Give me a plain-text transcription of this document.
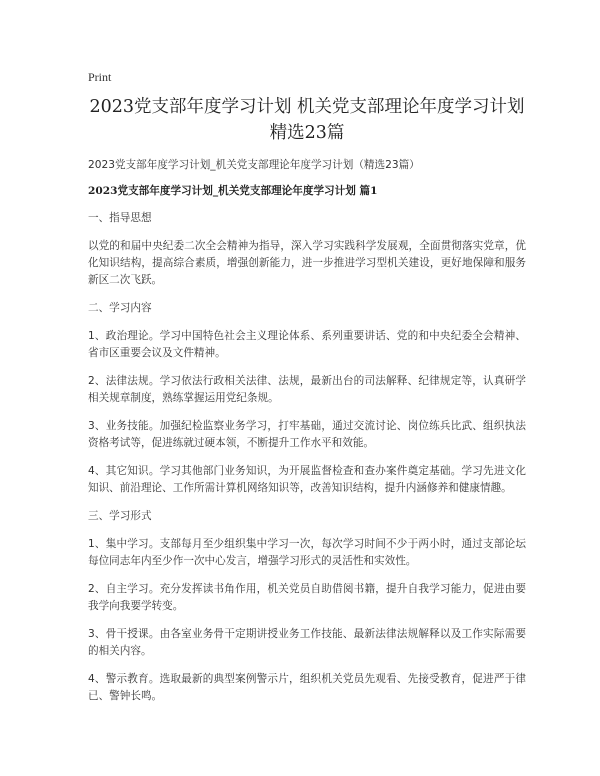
Print
2023党支部年度学习计划 机关党支部理论年度学习计划 精选23篇
2023党支部年度学习计划_机关党支部理论年度学习计划（精选23篇）
2023党支部年度学习计划_机关党支部理论年度学习计划 篇1
一、指导思想

以党的和届中央纪委二次全会精神为指导，深入学习实践科学发展观，全面贯彻落实党章，优化知识结构，提高综合素质，增强创新能力，进一步推进学习型机关建设，更好地保障和服务新区二次飞跃。

二、学习内容

1、政治理论。学习中国特色社会主义理论体系、系列重要讲话、党的和中央纪委全会精神、省市区重要会议及文件精神。

2、法律法规。学习依法行政相关法律、法规，最新出台的司法解释、纪律规定等，认真研学相关规章制度，熟练掌握运用党纪条规。

3、业务技能。加强纪检监察业务学习，打牢基础，通过交流讨论、岗位练兵比武、组织执法资格考试等，促进练就过硬本领，不断提升工作水平和效能。

4、其它知识。学习其他部门业务知识，为开展监督检查和查办案件奠定基础。学习先进文化知识、前沿理论、工作所需计算机网络知识等，改善知识结构，提升内涵修养和健康情趣。

三、学习形式

1、集中学习。支部每月至少组织集中学习一次，每次学习时间不少于两小时，通过支部论坛每位同志年内至少作一次中心发言，增强学习形式的灵活性和实效性。

2、自主学习。充分发挥读书角作用，机关党员自助借阅书籍，提升自我学习能力，促进由要我学向我要学转变。

3、骨干授课。由各室业务骨干定期讲授业务工作技能、最新法律法规解释以及工作实际需要的相关内容。

4、警示教育。选取最新的典型案例警示片，组织机关党员先观看、先接受教育，促进严于律已、警钟长鸣。
